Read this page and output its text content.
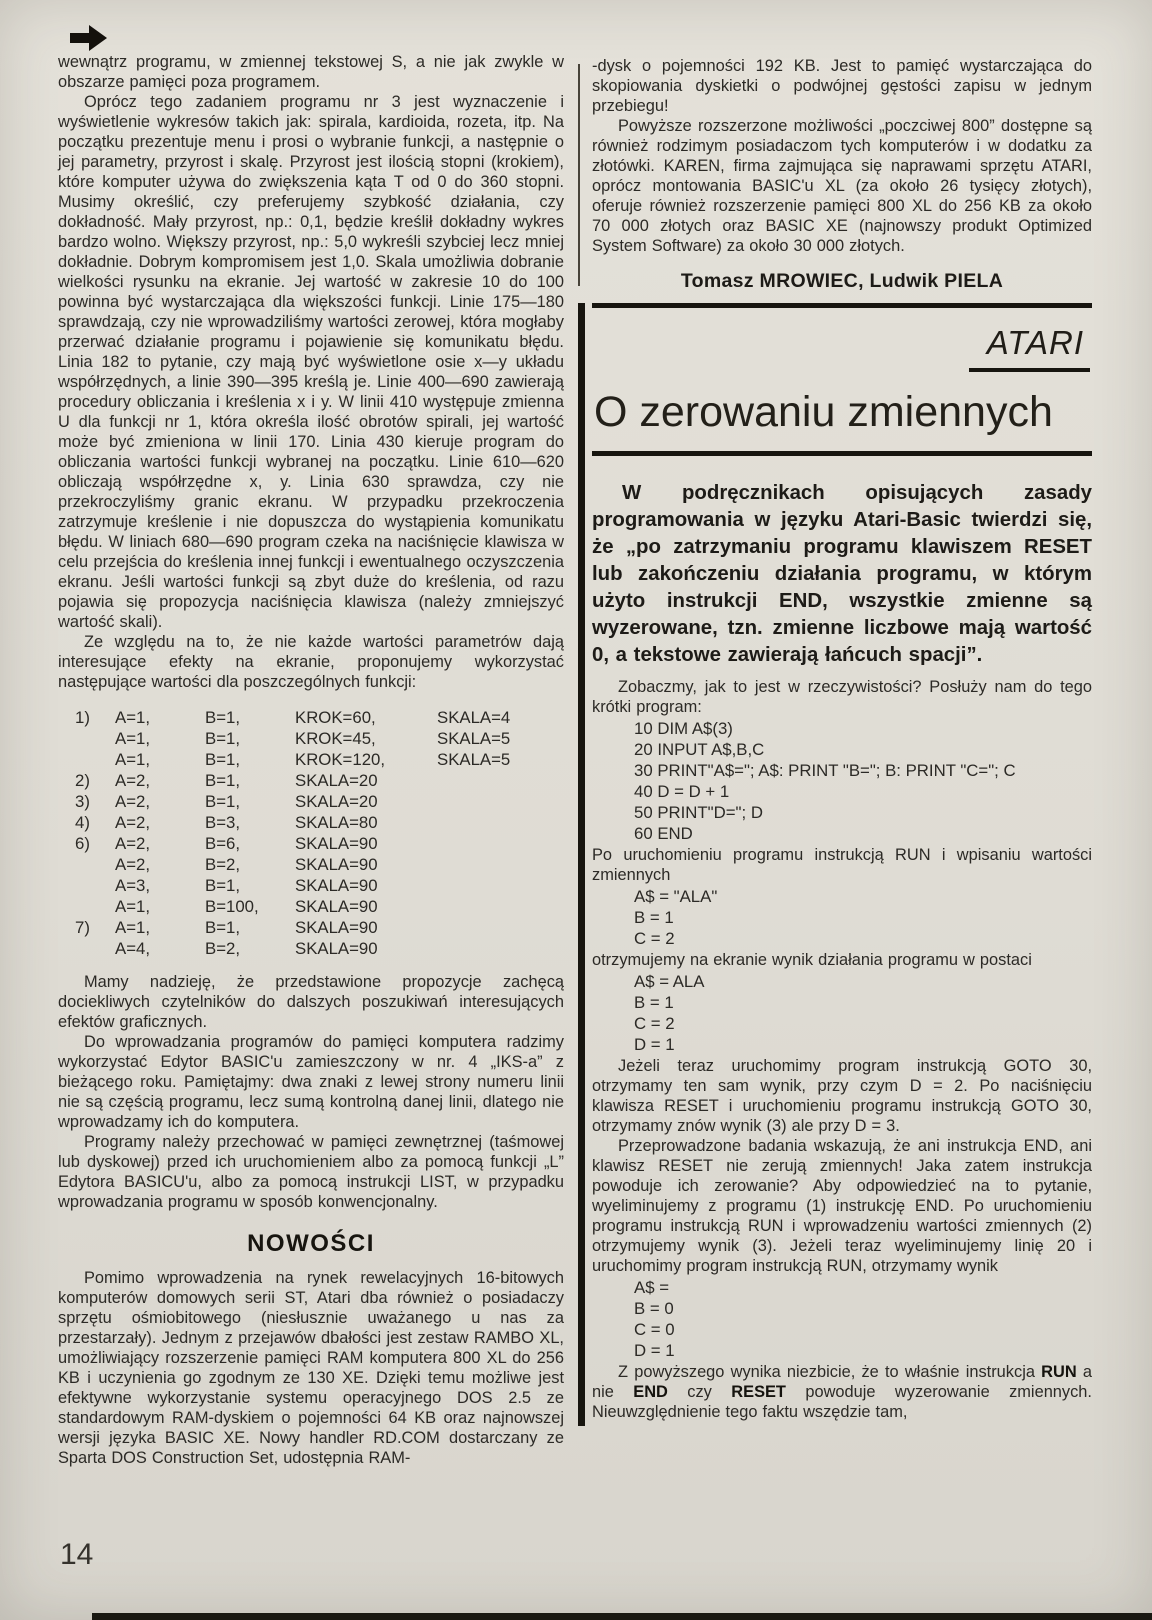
wewnątrz programu, w zmiennej tekstowej S, a nie jak zwykle w obszarze pamięci poza programem.

Oprócz tego zadaniem programu nr 3 jest wyznaczenie i wyświetlenie wykresów takich jak: spirala, kardioida, rozeta, itp. Na początku prezentuje menu i prosi o wybranie funkcji, a następnie o jej parametry, przyrost i skalę. Przyrost jest ilością stopni (krokiem), które komputer używa do zwiększenia kąta T od 0 do 360 stopni. Musimy określić, czy preferujemy szybkość działania, czy dokładność. Mały przyrost, np.: 0,1, będzie kreślił dokładny wykres bardzo wolno. Większy przyrost, np.: 5,0 wykreśli szybciej lecz mniej dokładnie. Dobrym kompromisem jest 1,0. Skala umożliwia dobranie wielkości rysunku na ekranie. Jej wartość w zakresie 10 do 100 powinna być wystarczająca dla większości funkcji. Linie 175—180 sprawdzają, czy nie wprowadziliśmy wartości zerowej, która mogłaby przerwać działanie programu i pojawienie się komunikatu błędu. Linia 182 to pytanie, czy mają być wyświetlone osie x—y układu współrzędnych, a linie 390—395 kreślą je. Linie 400—690 zawierają procedury obliczania i kreślenia x i y. W linii 410 występuje zmienna U dla funkcji nr 1, która określa ilość obrotów spirali, jej wartość może być zmieniona w linii 170. Linia 430 kieruje program do obliczania wartości funkcji wybranej na początku. Linie 610—620 obliczają współrzędne x, y. Linia 630 sprawdza, czy nie przekroczyliśmy granic ekranu. W przypadku przekroczenia zatrzymuje kreślenie i nie dopuszcza do wystąpienia komunikatu błędu. W liniach 680—690 program czeka na naciśnięcie klawisza w celu przejścia do kreślenia innej funkcji i ewentualnego oczyszczenia ekranu. Jeśli wartości funkcji są zbyt duże do kreślenia, od razu pojawia się propozycja naciśnięcia klawisza (należy zmniejszyć wartość skali).

Ze względu na to, że nie każde wartości parametrów dają interesujące efekty na ekranie, proponujemy wykorzystać następujące wartości dla poszczególnych funkcji:

1)	A=1,	B=1,	KROK=60,	SKALA=4
A=1,	B=1,	KROK=45,	SKALA=5
A=1,	B=1,	KROK=120,	SKALA=5
2)	A=2,	B=1,	SKALA=20
3)	A=2,	B=1,	SKALA=20
4)	A=2,	B=3,	SKALA=80
6)	A=2,	B=6,	SKALA=90
A=2,	B=2,	SKALA=90
A=3,	B=1,	SKALA=90
A=1,	B=100,	SKALA=90
7)	A=1,	B=1,	SKALA=90
A=4,	B=2,	SKALA=90

Mamy nadzieję, że przedstawione propozycje zachęcą dociekliwych czytelników do dalszych poszukiwań interesujących efektów graficznych.

Do wprowadzania programów do pamięci komputera radzimy wykorzystać Edytor BASIC'u zamieszczony w nr. 4 „IKS-a” z bieżącego roku. Pamiętajmy: dwa znaki z lewej strony numeru linii nie są częścią programu, lecz sumą kontrolną danej linii, dlatego nie wprowadzamy ich do komputera.

Programy należy przechować w pamięci zewnętrznej (taśmowej lub dyskowej) przed ich uruchomieniem albo za pomocą funkcji „L” Edytora BASICU'u, albo za pomocą instrukcji LIST, w przypadku wprowadzania programu w sposób konwencjonalny.

NOWOŚCI

Pomimo wprowadzenia na rynek rewelacyjnych 16-bitowych komputerów domowych serii ST, Atari dba również o posiadaczy sprzętu ośmiobitowego (niesłusznie uważanego u nas za przestarzały). Jednym z przejawów dbałości jest zestaw RAMBO XL, umożliwiający rozszerzenie pamięci RAM komputera 800 XL do 256 KB i uczynienia go zgodnym ze 130 XE. Dzięki temu możliwe jest efektywne wykorzystanie systemu operacyjnego DOS 2.5 ze standardowym RAM-dyskiem o pojemności 64 KB oraz najnowszej wersji języka BASIC XE. Nowy handler RD.COM dostarczany ze Sparta DOS Construction Set, udostępnia RAM-

-dysk o pojemności 192 KB. Jest to pamięć wystarczająca do skopiowania dyskietki o podwójnej gęstości zapisu w jednym przebiegu!

Powyższe rozszerzone możliwości „poczciwej 800” dostępne są również rodzimym posiadaczom tych komputerów i w dodatku za złotówki. KAREN, firma zajmująca się naprawami sprzętu ATARI, oprócz montowania BASIC'u XL (za około 26 tysięcy złotych), oferuje również rozszerzenie pamięci 800 XL do 256 KB za około 70 000 złotych oraz BASIC XE (najnowszy produkt Optimized System Software) za około 30 000 złotych.

Tomasz MROWIEC, Ludwik PIELA

ATARI
O zerowaniu zmiennych

W podręcznikach opisujących zasady programowania w języku Atari-Basic twierdzi się, że „po zatrzymaniu programu klawiszem RESET lub zakończeniu działania programu, w którym użyto instrukcji END, wszystkie zmienne są wyzerowane, tzn. zmienne liczbowe mają wartość 0, a tekstowe zawierają łańcuch spacji”.

Zobaczmy, jak to jest w rzeczywistości? Posłuży nam do tego krótki program:

10 DIM A$(3)
20 INPUT A$,B,C
30 PRINT"A$="; A$: PRINT "B="; B: PRINT "C="; C
40 D = D + 1
50 PRINT"D="; D
60 END

Po uruchomieniu programu instrukcją RUN i wpisaniu wartości zmiennych

A$ = "ALA"
B = 1
C = 2

otrzymujemy na ekranie wynik działania programu w postaci

A$ = ALA
B = 1
C = 2
D = 1

Jeżeli teraz uruchomimy program instrukcją GOTO 30, otrzymamy ten sam wynik, przy czym D = 2. Po naciśnięciu klawisza RESET i uruchomieniu programu instrukcją GOTO 30, otrzymamy znów wynik (3) ale przy D = 3.

Przeprowadzone badania wskazują, że ani instrukcja END, ani klawisz RESET nie zerują zmiennych! Jaka zatem instrukcja powoduje ich zerowanie? Aby odpowiedzieć na to pytanie, wyeliminujemy z programu (1) instrukcję END. Po uruchomieniu programu instrukcją RUN i wprowadzeniu wartości zmiennych (2) otrzymujemy wynik (3). Jeżeli teraz wyeliminujemy linię 20 i uruchomimy program instrukcją RUN, otrzymamy wynik

A$ =
B = 0
C = 0
D = 1

Z powyższego wynika niezbicie, że to właśnie instrukcja RUN a nie END czy RESET powoduje wyzerowanie zmiennych. Nieuwzględnienie tego faktu wszędzie tam,

14
